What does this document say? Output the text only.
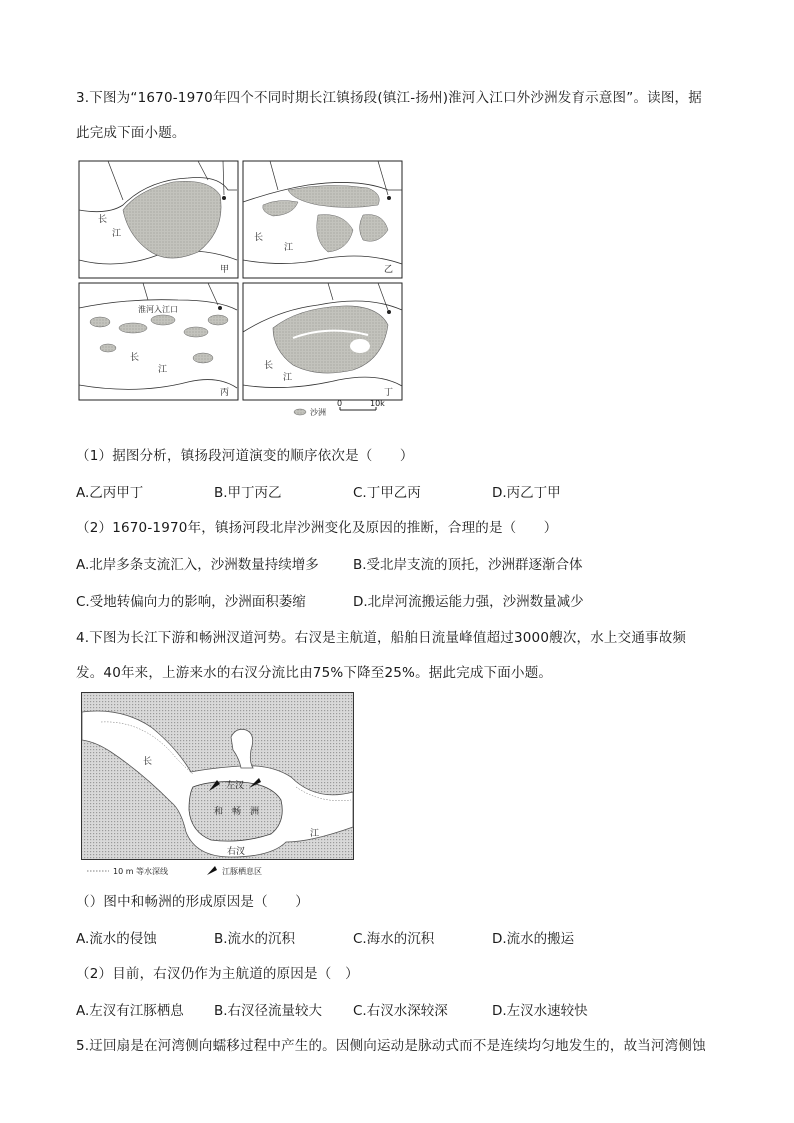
3.下图为“1670-1970年四个不同时期长江镇扬段(镇江-扬州)淮河入江口外沙洲发育示意图”。读图，据
此完成下面小题。
长
江
甲
长
江
乙
淮河入江口
长
江
丙
长
江
丁
沙洲
0	10k
（1）据图分析，镇扬段河道演变的顺序依次是（　　）
A.乙丙甲丁	B.甲丁丙乙	C.丁甲乙丙	D.丙乙丁甲
（2）1670-1970年，镇扬河段北岸沙洲变化及原因的推断，合理的是（　　）
A.北岸多条支流汇入，沙洲数量持续增多	B.受北岸支流的顶托，沙洲群逐渐合体
C.受地转偏向力的影响，沙洲面积萎缩	D.北岸河流搬运能力强，沙洲数量减少
4.下图为长江下游和畅洲汊道河势。右汊是主航道，船舶日流量峰值超过3000艘次，水上交通事故频
发。40年来，上游来水的右汊分流比由75%下降至25%。据此完成下面小题。
长
江
左汊
右汊
和 畅 洲
10 m 等水深线	江豚栖息区
（）图中和畅洲的形成原因是（　　）
A.流水的侵蚀	B.流水的沉积	C.海水的沉积	D.流水的搬运
（2）目前，右汊仍作为主航道的原因是（　）
A.左汊有江豚栖息 B.右汊径流量较大 C.右汊水深较深	D.左汊水速较快
5.迂回扇是在河湾侧向蠕移过程中产生的。因侧向运动是脉动式而不是连续均匀地发生的，故当河湾侧蚀
